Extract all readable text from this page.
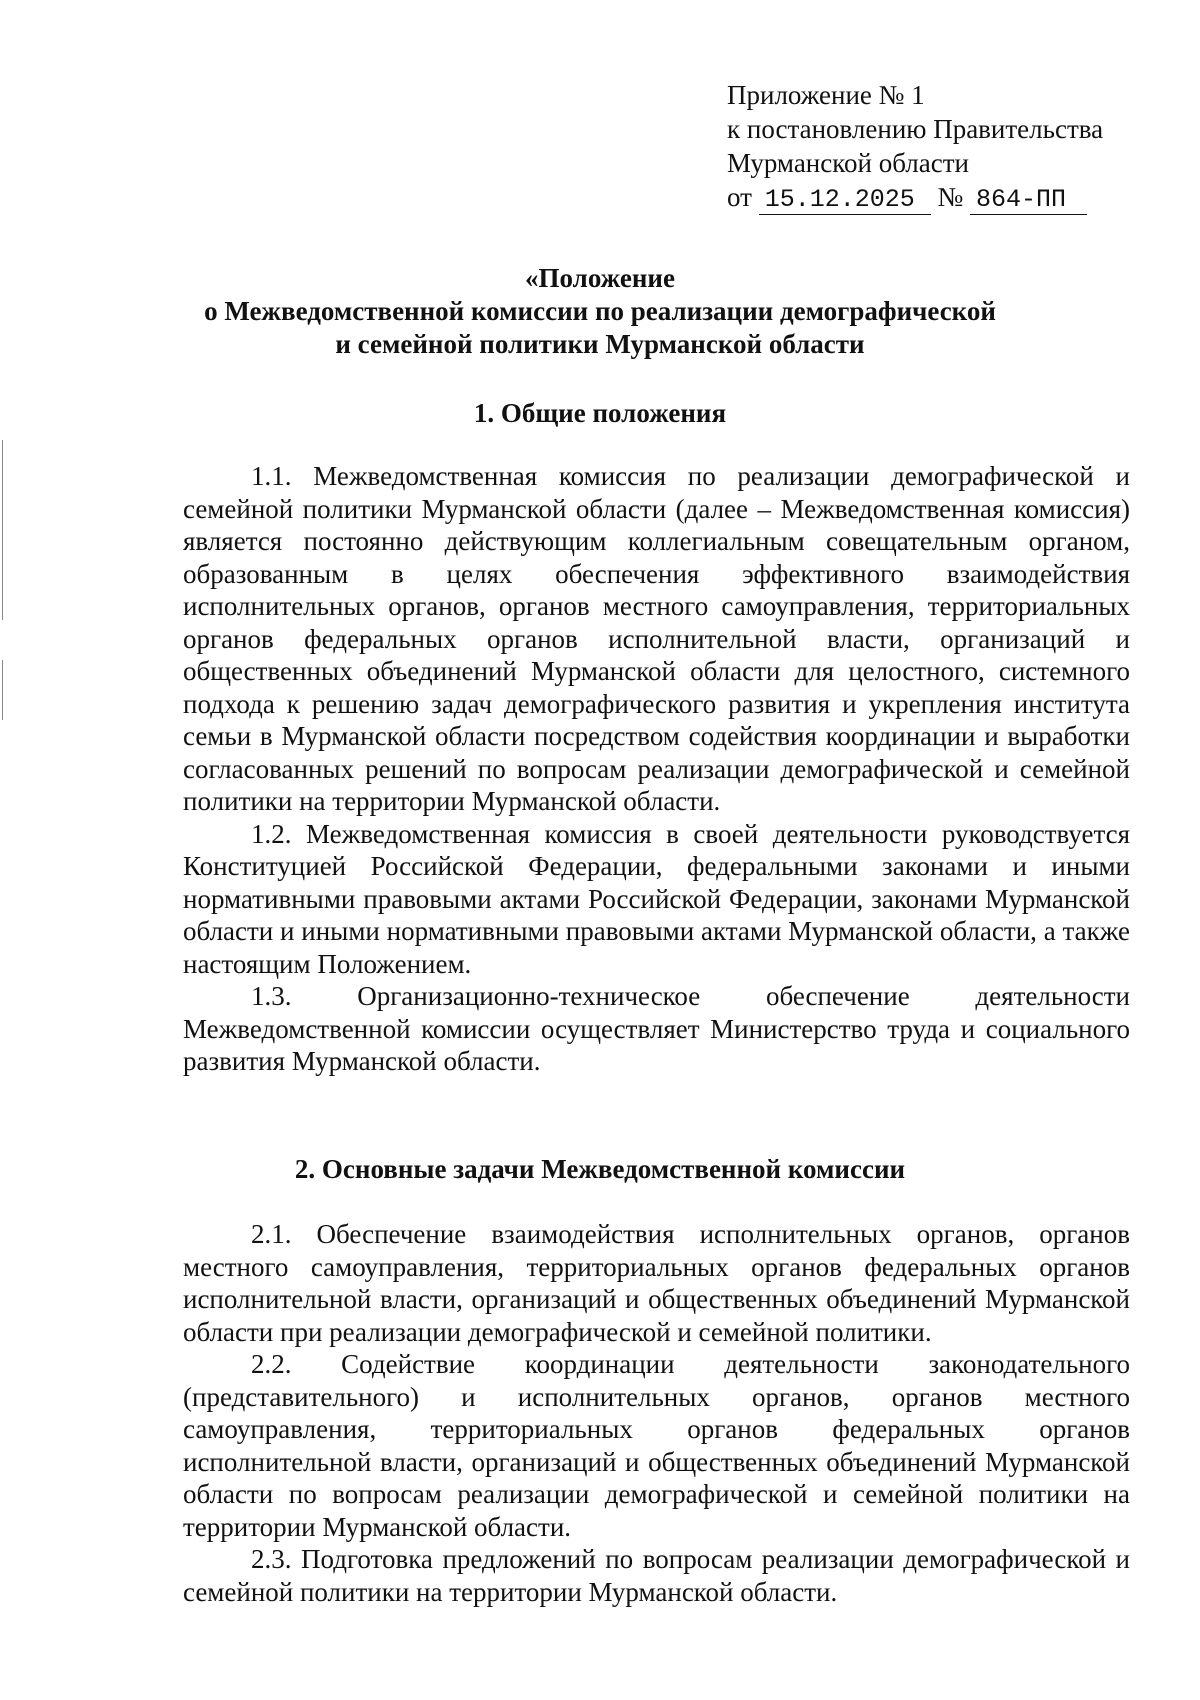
Приложение № 1
к постановлению Правительства
Мурманской области
от 15.12.2025 № 864-ПП
«Положение
о Межведомственной комиссии по реализации демографической
и семейной политики Мурманской области
1. Общие положения

1.1. Межведомственная комиссия по реализации демографической и семейной политики Мурманской области (далее – Межведомственная комиссия) является постоянно действующим коллегиальным совещательным органом, образованным в целях обеспечения эффективного взаимодействия исполнительных органов, органов местного самоуправления, территориальных органов федеральных органов исполнительной власти, организаций и общественных объединений Мурманской области для целостного, системного подхода к решению задач демографического развития и укрепления института семьи в Мурманской области посредством содействия координации и выработки согласованных решений по вопросам реализации демографической и семейной политики на территории Мурманской области.

1.2. Межведомственная комиссия в своей деятельности руководствуется Конституцией Российской Федерации, федеральными законами и иными нормативными правовыми актами Российской Федерации, законами Мурманской области и иными нормативными правовыми актами Мурманской области, а также настоящим Положением.

1.3. Организационно-техническое обеспечение деятельности Межведомственной комиссии осуществляет Министерство труда и социального развития Мурманской области.

2. Основные задачи Межведомственной комиссии

2.1. Обеспечение взаимодействия исполнительных органов, органов местного самоуправления, территориальных органов федеральных органов исполнительной власти, организаций и общественных объединений Мурманской области при реализации демографической и семейной политики.

2.2. Содействие координации деятельности законодательного (представительного) и исполнительных органов, органов местного самоуправления, территориальных органов федеральных органов исполнительной власти, организаций и общественных объединений Мурманской области по вопросам реализации демографической и семейной политики на территории Мурманской области.

2.3. Подготовка предложений по вопросам реализации демографической и семейной политики на территории Мурманской области.
